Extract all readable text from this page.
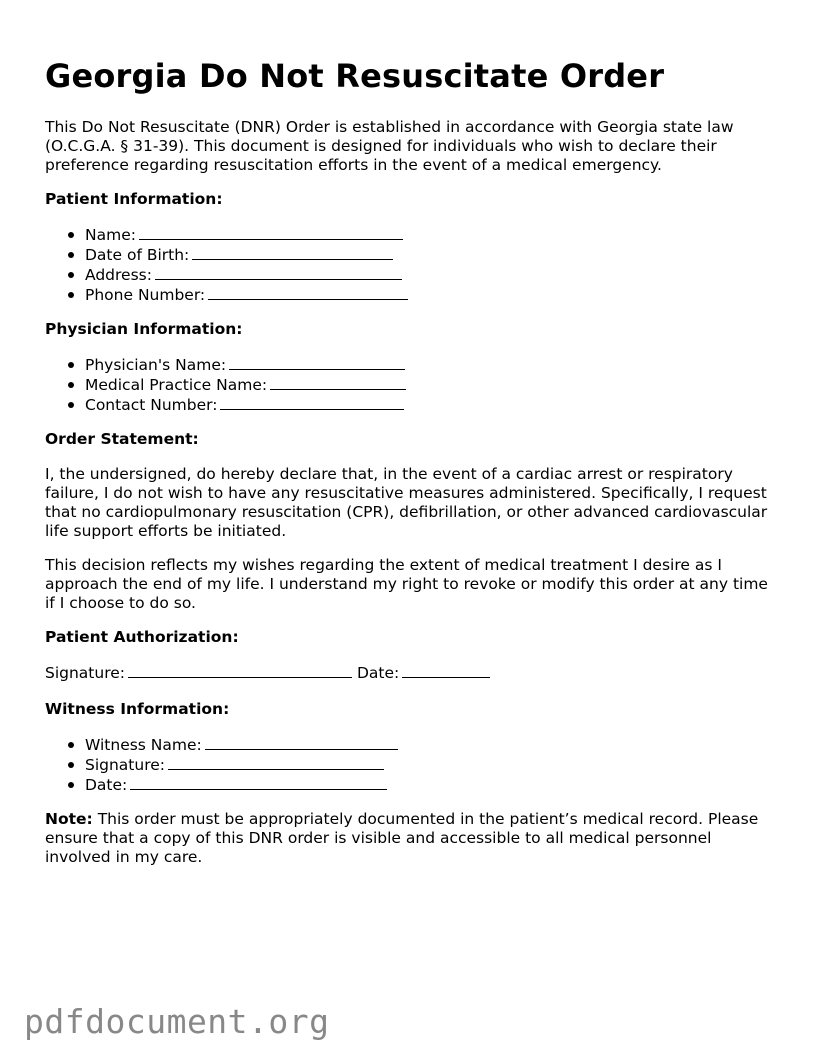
Georgia Do Not Resuscitate Order

This Do Not Resuscitate (DNR) Order is established in accordance with Georgia state law (O.C.G.A. § 31-39). This document is designed for individuals who wish to declare their preference regarding resuscitation efforts in the event of a medical emergency.

Patient Information:
Name:
Date of Birth:
Address:
Phone Number:
Physician Information:
Physician's Name:
Medical Practice Name:
Contact Number:
Order Statement:

I, the undersigned, do hereby declare that, in the event of a cardiac arrest or respiratory failure, I do not wish to have any resuscitative measures administered. Specifically, I request that no cardiopulmonary resuscitation (CPR), defibrillation, or other advanced cardiovascular life support efforts be initiated.

This decision reflects my wishes regarding the extent of medical treatment I desire as I approach the end of my life. I understand my right to revoke or modify this order at any time if I choose to do so.

Patient Authorization:
Signature:	Date:
Witness Information:
Witness Name:
Signature:
Date:

Note: This order must be appropriately documented in the patient’s medical record. Please ensure that a copy of this DNR order is visible and accessible to all medical personnel involved in my care.

pdfdocument.org
